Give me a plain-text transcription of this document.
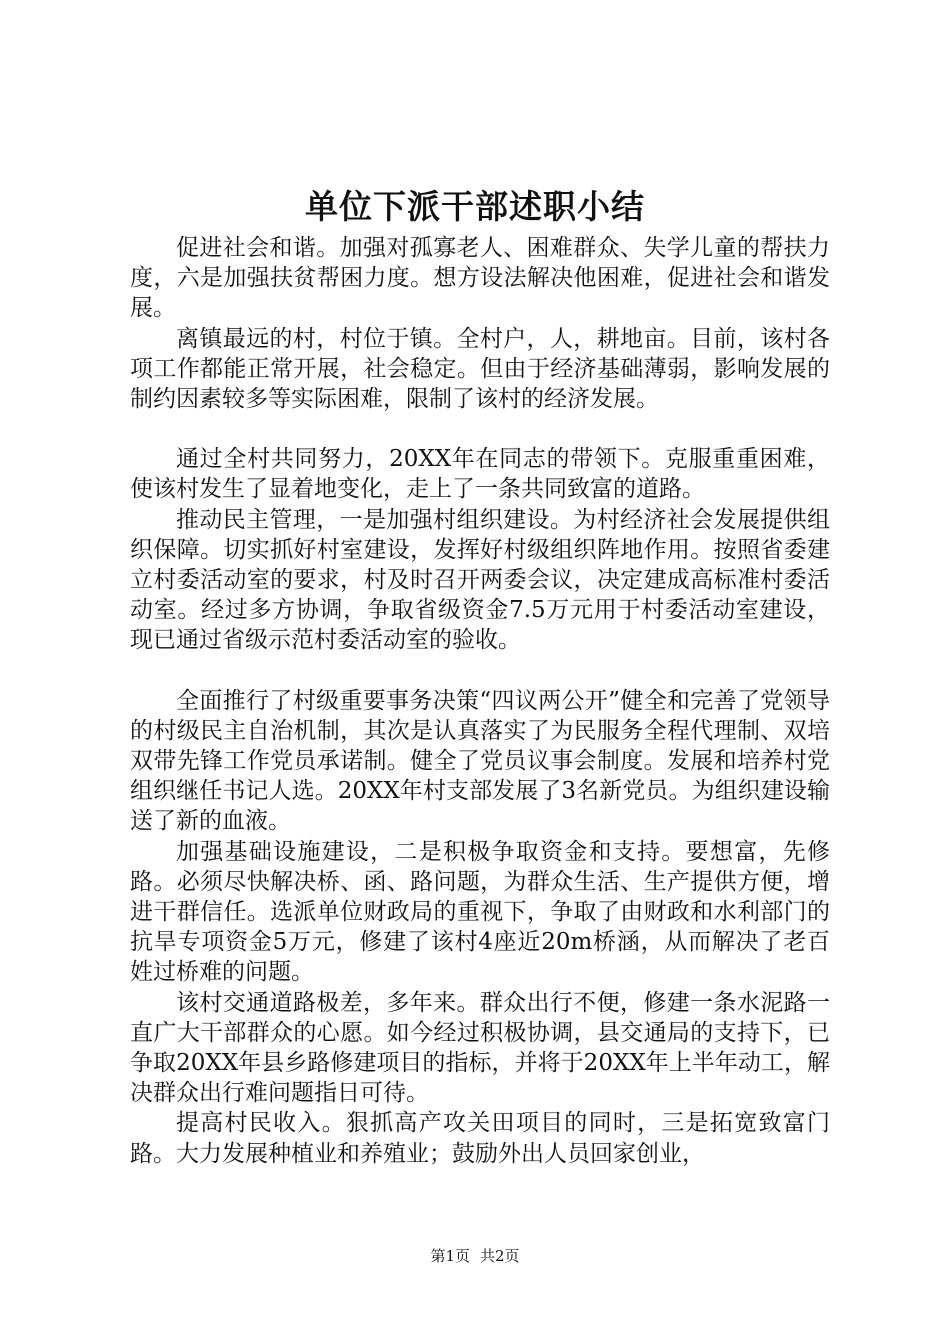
单位下派干部述职小结

促进社会和谐。加强对孤寡老人、困难群众、失学儿童的帮扶力度，六是加强扶贫帮困力度。想方设法解决他困难，促进社会和谐发展。

离镇最远的村，村位于镇。全村户，人，耕地亩。目前，该村各项工作都能正常开展，社会稳定。但由于经济基础薄弱，影响发展的制约因素较多等实际困难，限制了该村的经济发展。

通过全村共同努力，20XX年在同志的带领下。克服重重困难，使该村发生了显着地变化，走上了一条共同致富的道路。

推动民主管理，一是加强村组织建设。为村经济社会发展提供组织保障。切实抓好村室建设，发挥好村级组织阵地作用。按照省委建立村委活动室的要求，村及时召开两委会议，决定建成高标准村委活动室。经过多方协调，争取省级资金7.5万元用于村委活动室建设，现已通过省级示范村委活动室的验收。

全面推行了村级重要事务决策“四议两公开”健全和完善了党领导的村级民主自治机制，其次是认真落实了为民服务全程代理制、双培双带先锋工作党员承诺制。健全了党员议事会制度。发展和培养村党组织继任书记人选。20XX年村支部发展了3名新党员。为组织建设输送了新的血液。

加强基础设施建设，二是积极争取资金和支持。要想富，先修路。必须尽快解决桥、函、路问题，为群众生活、生产提供方便，增进干群信任。选派单位财政局的重视下，争取了由财政和水利部门的抗旱专项资金5万元，修建了该村4座近20m桥涵，从而解决了老百姓过桥难的问题。

该村交通道路极差，多年来。群众出行不便，修建一条水泥路一直广大干部群众的心愿。如今经过积极协调，县交通局的支持下，已争取20XX年县乡路修建项目的指标，并将于20XX年上半年动工，解决群众出行难问题指日可待。

提高村民收入。狠抓高产攻关田项目的同时，三是拓宽致富门路。大力发展种植业和养殖业；鼓励外出人员回家创业，

第1页 共2页
